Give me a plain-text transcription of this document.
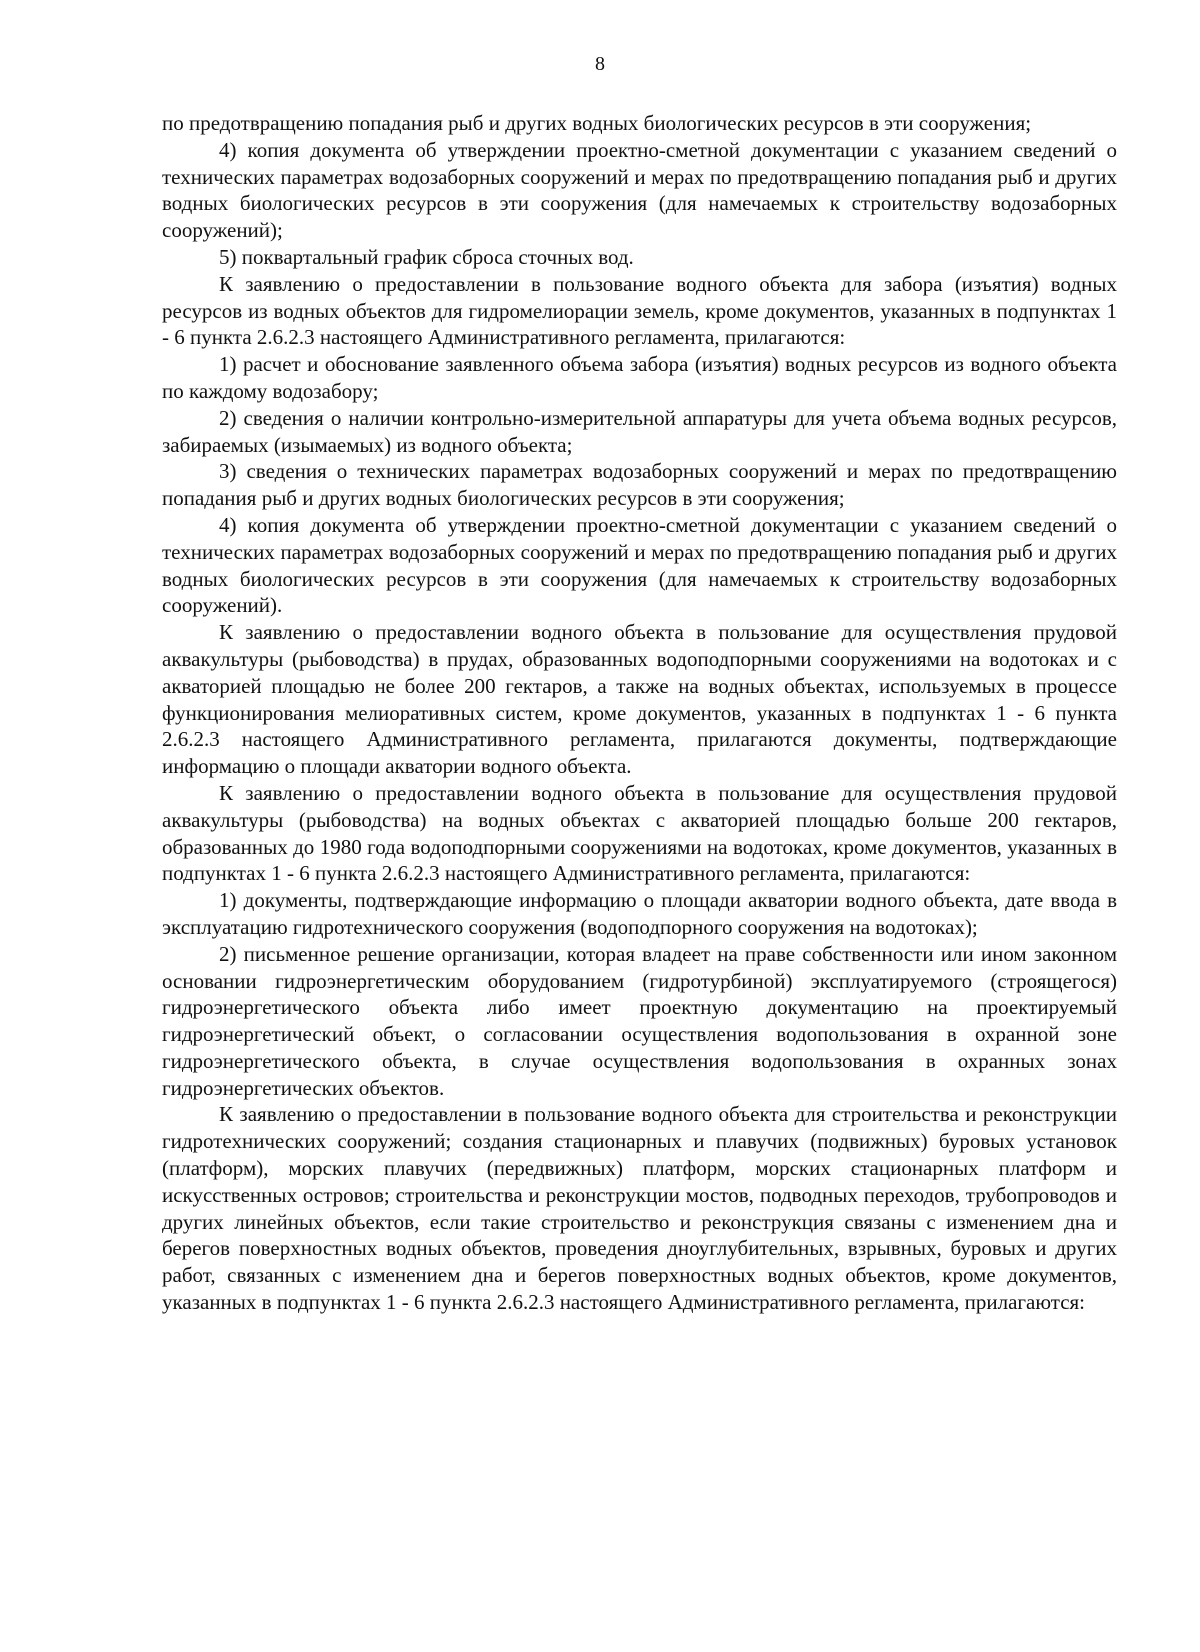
8

по предотвращению попадания рыб и других водных биологических ресурсов в эти сооружения;

4) копия документа об утверждении проектно-сметной документации с указанием сведений о технических параметрах водозаборных сооружений и мерах по предотвращению попадания рыб и других водных биологических ресурсов в эти сооружения (для намечаемых к строительству водозаборных сооружений);

5) поквартальный график сброса сточных вод.

К заявлению о предоставлении в пользование водного объекта для забора (изъятия) водных ресурсов из водных объектов для гидромелиорации земель, кроме документов, указанных в подпунктах 1 - 6 пункта 2.6.2.3 настоящего Административного регламента, прилагаются:

1) расчет и обоснование заявленного объема забора (изъятия) водных ресурсов из водного объекта по каждому водозабору;

2) сведения о наличии контрольно-измерительной аппаратуры для учета объема водных ресурсов, забираемых (изымаемых) из водного объекта;

3) сведения о технических параметрах водозаборных сооружений и мерах по предотвращению попадания рыб и других водных биологических ресурсов в эти сооружения;

4) копия документа об утверждении проектно-сметной документации с указанием сведений о технических параметрах водозаборных сооружений и мерах по предотвращению попадания рыб и других водных биологических ресурсов в эти сооружения (для намечаемых к строительству водозаборных сооружений).

К заявлению о предоставлении водного объекта в пользование для осуществления прудовой аквакультуры (рыбоводства) в прудах, образованных водоподпорными сооружениями на водотоках и с акваторией площадью не более 200 гектаров, а также на водных объектах, используемых в процессе функционирования мелиоративных систем, кроме документов, указанных в подпунктах 1 - 6 пункта 2.6.2.3 настоящего Административного регламента, прилагаются документы, подтверждающие информацию о площади акватории водного объекта.

К заявлению о предоставлении водного объекта в пользование для осуществления прудовой аквакультуры (рыбоводства) на водных объектах с акваторией площадью больше 200 гектаров, образованных до 1980 года водоподпорными сооружениями на водотоках, кроме документов, указанных в подпунктах 1 - 6 пункта 2.6.2.3 настоящего Административного регламента, прилагаются:

1) документы, подтверждающие информацию о площади акватории водного объекта, дате ввода в эксплуатацию гидротехнического сооружения (водоподпорного сооружения на водотоках);

2) письменное решение организации, которая владеет на праве собственности или ином законном основании гидроэнергетическим оборудованием (гидротурбиной) эксплуатируемого (строящегося) гидроэнергетического объекта либо имеет проектную документацию на проектируемый гидроэнергетический объект, о согласовании осуществления водопользования в охранной зоне гидроэнергетического объекта, в случае осуществления водопользования в охранных зонах гидроэнергетических объектов.

К заявлению о предоставлении в пользование водного объекта для строительства и реконструкции гидротехнических сооружений; создания стационарных и плавучих (подвижных) буровых установок (платформ), морских плавучих (передвижных) платформ, морских стационарных платформ и искусственных островов; строительства и реконструкции мостов, подводных переходов, трубопроводов и других линейных объектов, если такие строительство и реконструкция связаны с изменением дна и берегов поверхностных водных объектов, проведения дноуглубительных, взрывных, буровых и других работ, связанных с изменением дна и берегов поверхностных водных объектов, кроме документов, указанных в подпунктах 1 - 6 пункта 2.6.2.3 настоящего Административного регламента, прилагаются:
